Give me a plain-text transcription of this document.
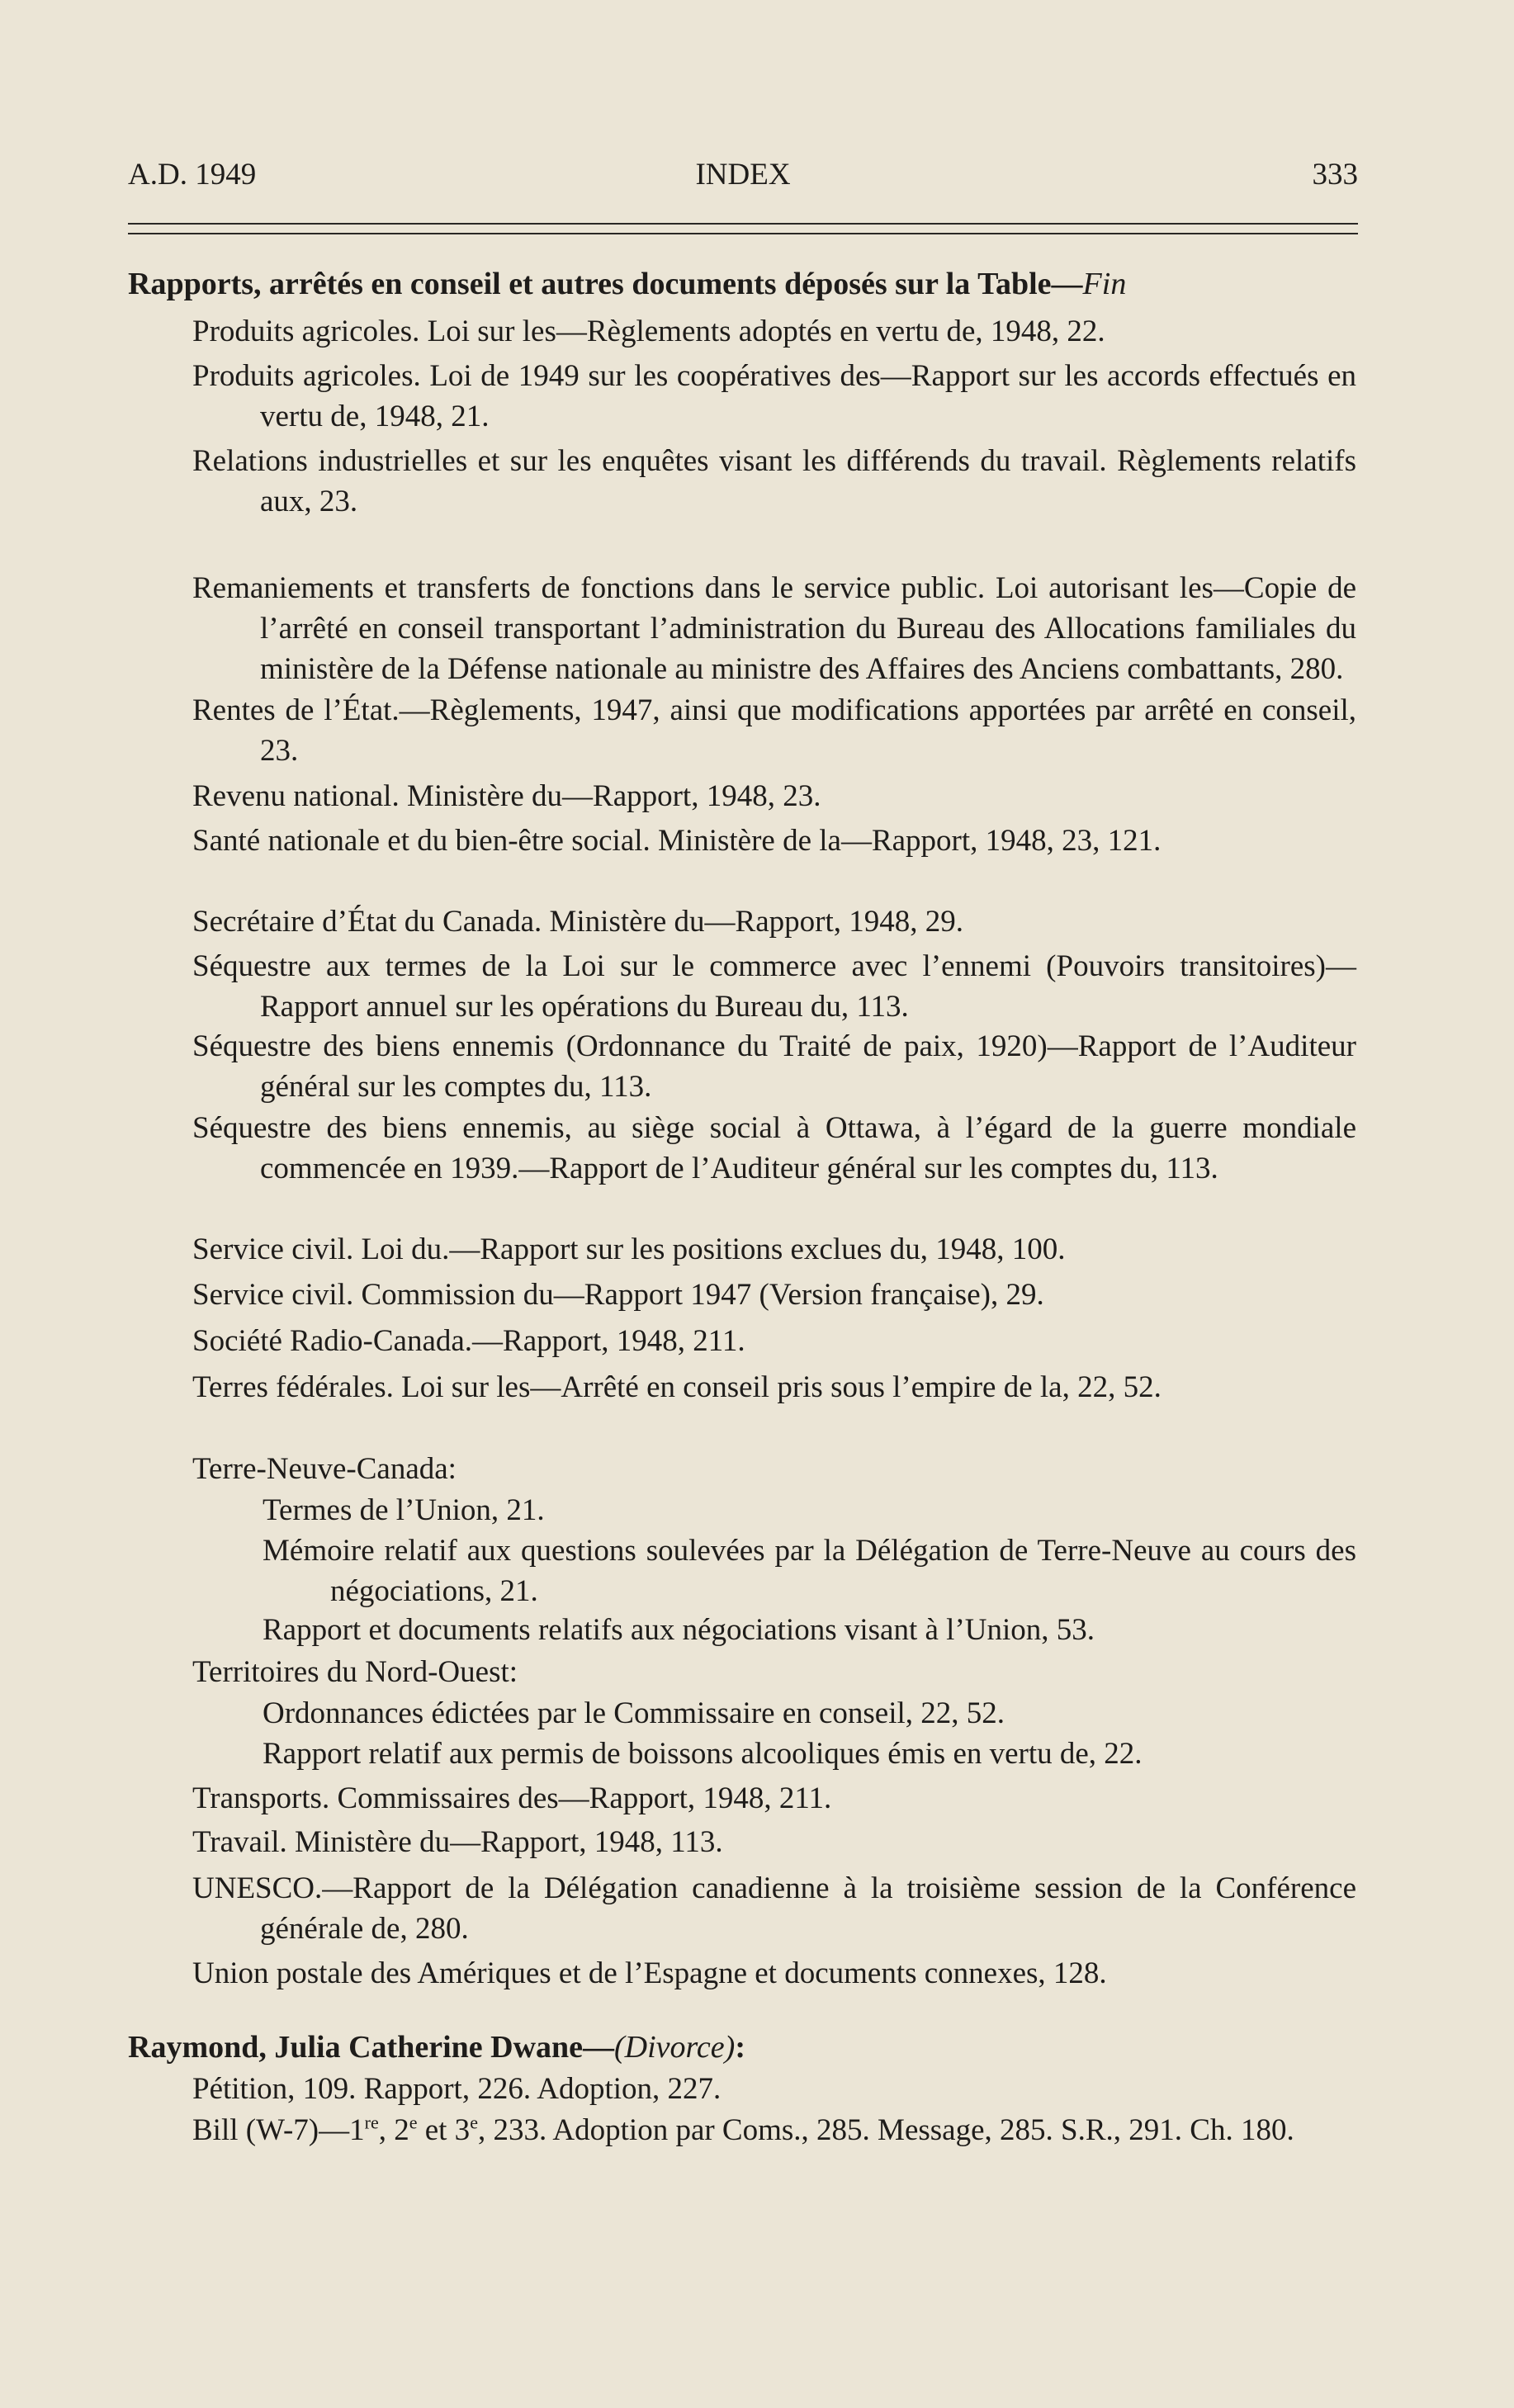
A.D. 1949	INDEX	333
Rapports, arrêtés en conseil et autres documents déposés sur la Table—Fin
Produits agricoles. Loi sur les—Règlements adoptés en vertu de, 1948, 22.
Produits agricoles. Loi de 1949 sur les coopératives des—Rapport sur les accords effectués en vertu de, 1948, 21.
Relations industrielles et sur les enquêtes visant les différends du travail. Règlements relatifs aux, 23.
Remaniements et transferts de fonctions dans le service public. Loi autorisant les—Copie de l’arrêté en conseil transportant l’administration du Bureau des Allocations familiales du ministère de la Défense nationale au ministre des Affaires des Anciens combattants, 280.
Rentes de l’État.—Règlements, 1947, ainsi que modifications apportées par arrêté en conseil, 23.
Revenu national. Ministère du—Rapport, 1948, 23.
Santé nationale et du bien-être social. Ministère de la—Rapport, 1948, 23, 121.
Secrétaire d’État du Canada. Ministère du—Rapport, 1948, 29.
Séquestre aux termes de la Loi sur le commerce avec l’ennemi (Pouvoirs transitoires)—Rapport annuel sur les opérations du Bureau du, 113.
Séquestre des biens ennemis (Ordonnance du Traité de paix, 1920)—Rapport de l’Auditeur général sur les comptes du, 113.
Séquestre des biens ennemis, au siège social à Ottawa, à l’égard de la guerre mondiale commencée en 1939.—Rapport de l’Auditeur général sur les comptes du, 113.
Service civil. Loi du.—Rapport sur les positions exclues du, 1948, 100.
Service civil. Commission du—Rapport 1947 (Version française), 29.
Société Radio-Canada.—Rapport, 1948, 211.
Terres fédérales. Loi sur les—Arrêté en conseil pris sous l’empire de la, 22, 52.
Terre-Neuve-Canada:
Termes de l’Union, 21.
Mémoire relatif aux questions soulevées par la Délégation de Terre-Neuve au cours des négociations, 21.
Rapport et documents relatifs aux négociations visant à l’Union, 53.
Territoires du Nord-Ouest:
Ordonnances édictées par le Commissaire en conseil, 22, 52.
Rapport relatif aux permis de boissons alcooliques émis en vertu de, 22.
Transports. Commissaires des—Rapport, 1948, 211.
Travail. Ministère du—Rapport, 1948, 113.
UNESCO.—Rapport de la Délégation canadienne à la troisième session de la Conférence générale de, 280.
Union postale des Amériques et de l’Espagne et documents connexes, 128.
Raymond, Julia Catherine Dwane—(Divorce):
Pétition, 109. Rapport, 226. Adoption, 227.
Bill (W-7)—1re, 2e et 3e, 233. Adoption par Coms., 285. Message, 285. S.R., 291. Ch. 180.
